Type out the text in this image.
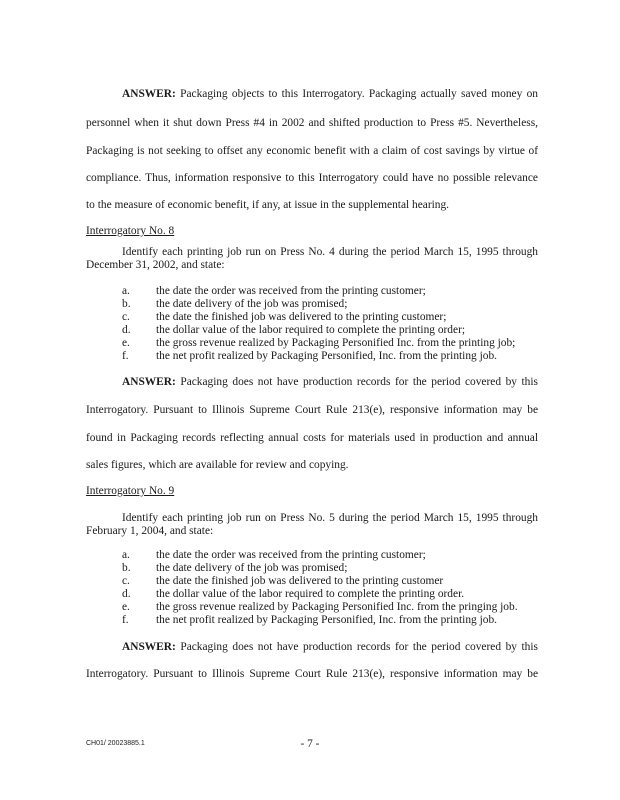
ANSWER: Packaging objects to this Interrogatory. Packaging actually saved money on
personnel when it shut down Press #4 in 2002 and shifted production to Press #5. Nevertheless,
Packaging is not seeking to offset any economic benefit with a claim of cost savings by virtue of
compliance. Thus, information responsive to this Interrogatory could have no possible relevance
to the measure of economic benefit, if any, at issue in the supplemental hearing.
Interrogatory No. 8
Identify each printing job run on Press No. 4 during the period March 15, 1995 through
December 31, 2002, and state:
a. the date the order was received from the printing customer;
b. the date delivery of the job was promised;
c. the date the finished job was delivered to the printing customer;
d. the dollar value of the labor required to complete the printing order;
e. the gross revenue realized by Packaging Personified Inc. from the printing job;
f. the net profit realized by Packaging Personified, Inc. from the printing job.
ANSWER: Packaging does not have production records for the period covered by this
Interrogatory. Pursuant to Illinois Supreme Court Rule 213(e), responsive information may be
found in Packaging records reflecting annual costs for materials used in production and annual
sales figures, which are available for review and copying.
Interrogatory No. 9
Identify each printing job run on Press No. 5 during the period March 15, 1995 through
February 1, 2004, and state:
a. the date the order was received from the printing customer;
b. the date delivery of the job was promised;
c. the date the finished job was delivered to the printing customer
d. the dollar value of the labor required to complete the printing order.
e. the gross revenue realized by Packaging Personified Inc. from the pringing job.
f. the net profit realized by Packaging Personified, Inc. from the printing job.
ANSWER: Packaging does not have production records for the period covered by this
Interrogatory. Pursuant to Illinois Supreme Court Rule 213(e), responsive information may be
CH01/ 20023885.1	- 7 -
